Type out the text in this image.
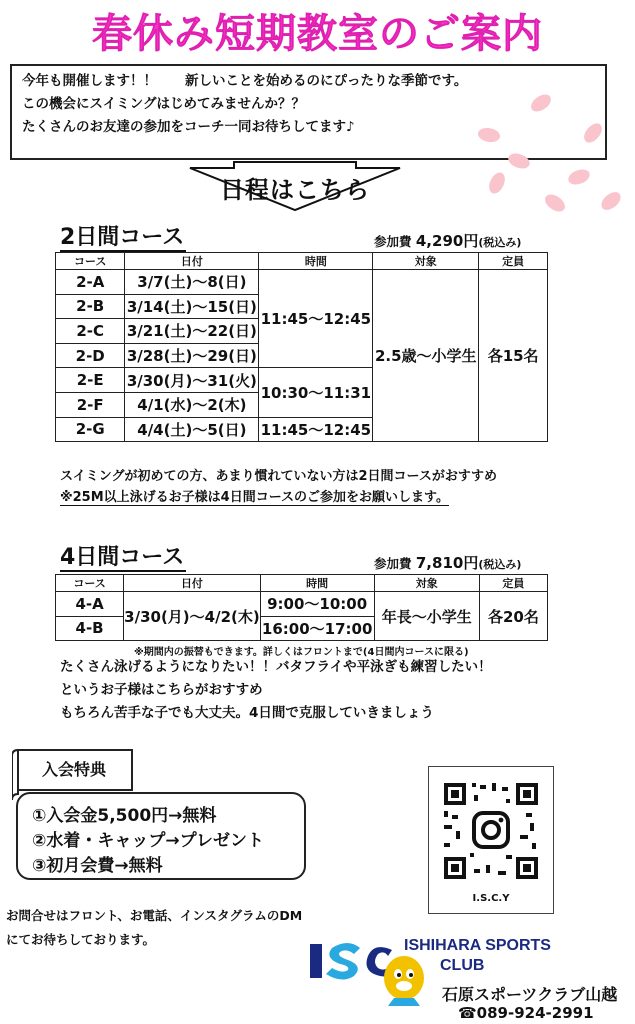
春休み短期教室のご案内
今年も開催します！！ 新しいことを始めるのにぴったりな季節です。
この機会にスイミングはじめてみませんか？？
たくさんのお友達の参加をコーチ一同お待ちしてます♪
日程はこちら
2日間コース	参加費 4,290円(税込み)
コース	日付	時間	対象	定員
2-A	3/7(土)～8(日)	11:45～12:45	2.5歳～小学生	各15名
2-B	3/14(土)～15(日)			
2-C	3/21(土)～22(日)			
2-D	3/28(土)～29(日)			
2-E	3/30(月)～31(火)	10:30～11:31		
2-F	4/1(水)～2(木)			
2-G	4/4(土)～5(日)	11:45～12:45		
スイミングが初めての方、あまり慣れていない方は2日間コースがおすすめ
※25M以上泳げるお子様は4日間コースのご参加をお願いします。
4日間コース	参加費 7,810円(税込み)
コース	日付	時間	対象	定員
4-A	3/30(月)～4/2(木)	9:00～10:00	年長～小学生	各20名
4-B		16:00～17:00		
※期間内の振替もできます。詳しくはフロントまで(4日間内コースに限る)
たくさん泳げるようになりたい！！バタフライや平泳ぎも練習したい！
というお子様はこちらがおすすめ
もちろん苦手な子でも大丈夫。4日間で克服していきましょう
①入会金5,500円→無料
②水着・キャップ→プレゼント
③初月会費→無料
入会特典
お問合せはフロント、お電話、インスタグラムのDM
にてお待ちしております。
I.S.C.Y
ISHIHARA SPORTS
CLUB
石原スポーツクラブ山越
☎089-924-2991
